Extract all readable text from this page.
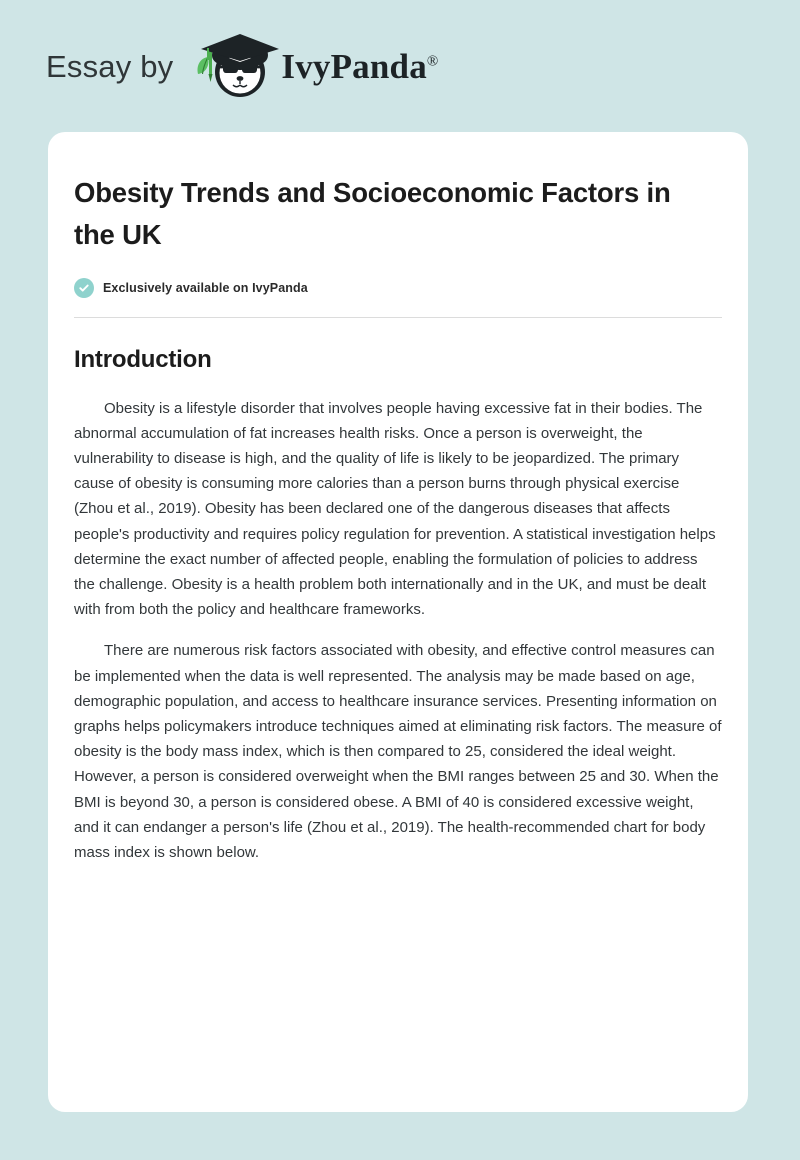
Essay by	IvyPanda®
Obesity Trends and Socioeconomic Factors in the UK
Exclusively available on IvyPanda
Introduction

Obesity is a lifestyle disorder that involves people having excessive fat in their bodies. The abnormal accumulation of fat increases health risks. Once a person is overweight, the vulnerability to disease is high, and the quality of life is likely to be jeopardized. The primary cause of obesity is consuming more calories than a person burns through physical exercise (Zhou et al., 2019). Obesity has been declared one of the dangerous diseases that affects people's productivity and requires policy regulation for prevention. A statistical investigation helps determine the exact number of affected people, enabling the formulation of policies to address the challenge. Obesity is a health problem both internationally and in the UK, and must be dealt with from both the policy and healthcare frameworks.

There are numerous risk factors associated with obesity, and effective control measures can be implemented when the data is well represented. The analysis may be made based on age, demographic population, and access to healthcare insurance services. Presenting information on graphs helps policymakers introduce techniques aimed at eliminating risk factors. The measure of obesity is the body mass index, which is then compared to 25, considered the ideal weight. However, a person is considered overweight when the BMI ranges between 25 and 30. When the BMI is beyond 30, a person is considered obese. A BMI of 40 is considered excessive weight, and it can endanger a person's life (Zhou et al., 2019). The health-recommended chart for body mass index is shown below.
